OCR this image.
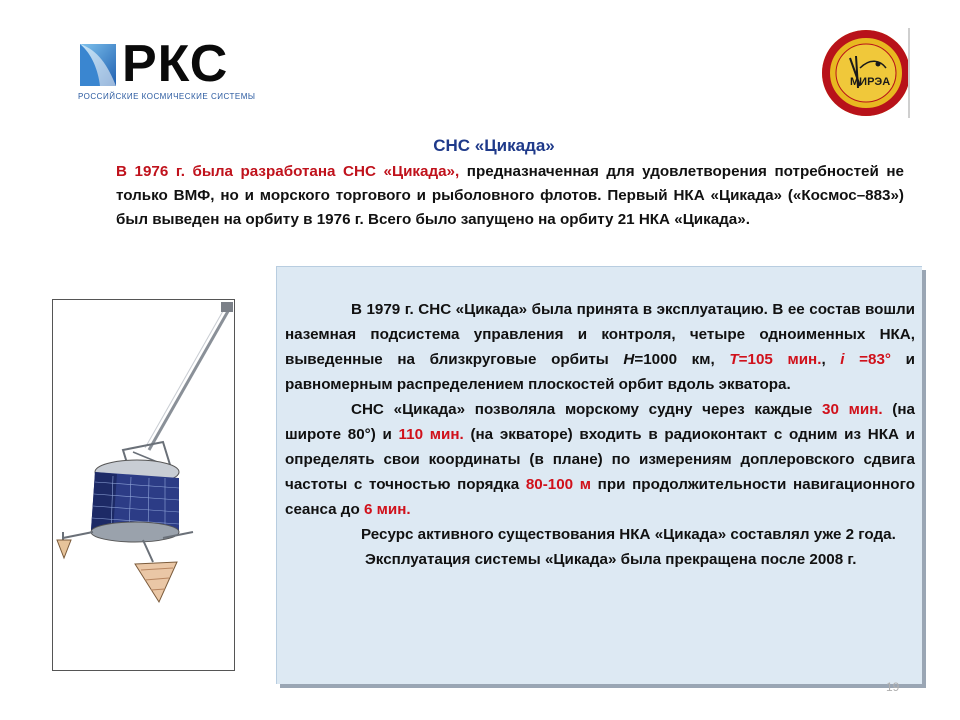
РКС
РОССИЙСКИЕ КОСМИЧЕСКИЕ СИСТЕМЫ
МИРЭА
СНС «Цикада»

В 1976 г. была разработана СНС «Цикада», предназначенная для удовлетворения потребностей не только ВМФ, но и морского торгового и рыболовного флотов. Первый НКА «Цикада» («Космос–883») был выведен на орбиту в 1976 г. Всего было запущено на орбиту 21 НКА «Цикада».

В 1979 г. СНС «Цикада» была принята в эксплуатацию. В ее состав вошли наземная подсистема управления и контроля, четыре одноименных НКА, выведенные на близкруговые орбиты H=1000 км, T=105 мин., i =83° и равномерным распределением плоскостей орбит вдоль экватора.

СНС «Цикада» позволяла морскому судну через каждые 30 мин. (на широте 80°) и 110 мин. (на экваторе) входить в радиоконтакт с одним из НКА и определять свои координаты (в плане) по измерениям доплеровского сдвига частоты с точностью порядка 80-100 м при продолжительности навигационного сеанса до 6 мин.

Ресурс активного существования НКА «Цикада» составлял уже 2 года.

Эксплуатация системы «Цикада» была прекращена после 2008 г.

19
